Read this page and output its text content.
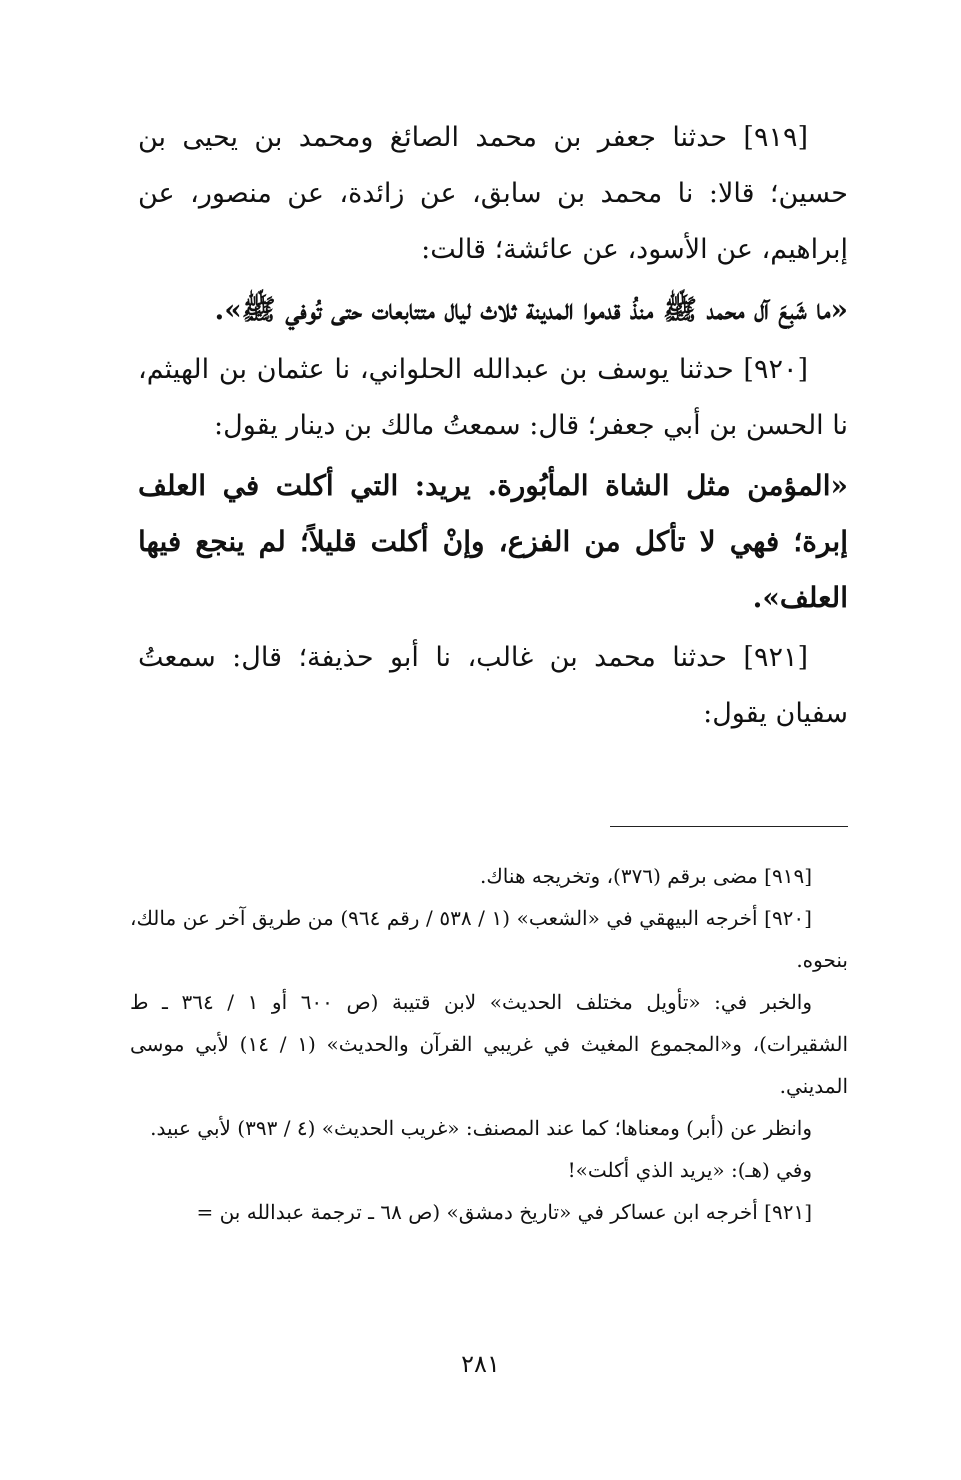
[٩١٩] حدثنا جعفر بن محمد الصائغ ومحمد بن يحيى بن حسين؛ قالا: نا محمد بن سابق، عن زائدة، عن منصور، عن إبراهيم، عن الأسود، عن عائشة؛ قالت:

«ما شَبِعَ آل محمد ﷺ منذُ قدموا المدينة ثلاث ليال متتابعات حتى تُوفي ﷺ».

[٩٢٠] حدثنا يوسف بن عبدالله الحلواني، نا عثمان بن الهيثم، نا الحسن بن أبي جعفر؛ قال: سمعتُ مالك بن دينار يقول:

«المؤمن مثل الشاة المأبُورة. يريد: التي أكلت في العلف إبرة؛ فهي لا تأكل من الفزع، وإنْ أكلت قليلاً؛ لم ينجع فيها العلف».

[٩٢١] حدثنا محمد بن غالب، نا أبو حذيفة؛ قال: سمعتُ سفيان يقول:

[٩١٩] مضى برقم (٣٧٦)، وتخريجه هناك.

[٩٢٠] أخرجه البيهقي في «الشعب» (١ / ٥٣٨ / رقم ٩٦٤) من طريق آخر عن مالك، بنحوه.

والخبر في: «تأويل مختلف الحديث» لابن قتيبة (ص ٦٠٠ أو ١ / ٣٦٤ ـ ط الشقيرات)، و«المجموع المغيث في غريبي القرآن والحديث» (١ / ١٤) لأبي موسى المديني.

وانظر عن (أبر) ومعناها؛ كما عند المصنف: «غريب الحديث» (٤ / ٣٩٣) لأبي عبيد.

وفي (هـ): «يريد الذي أكلت»!

[٩٢١] أخرجه ابن عساكر في «تاريخ دمشق» (ص ٦٨ ـ ترجمة عبدالله بن =

٢٨١
